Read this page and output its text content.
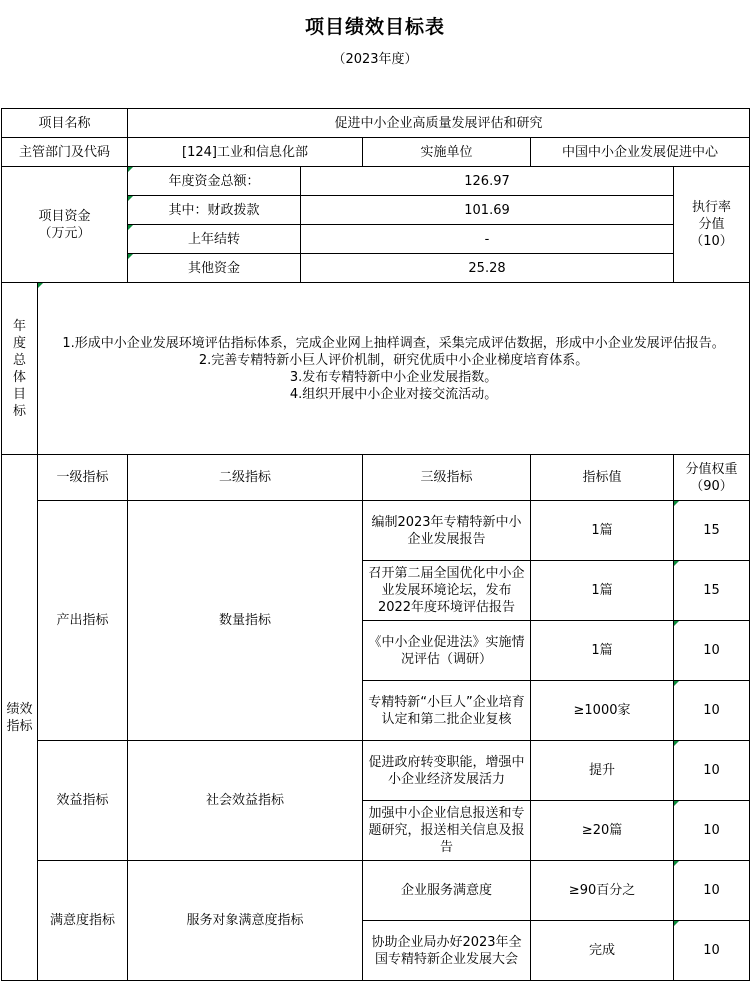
项目绩效目标表
（2023年度）
项目名称		促进中小企业高质量发展评估和研究				
主管部门及代码		[124]工业和信息化部		实施单位	中国中小企业发展促进中心	
项目资金（万元）		年度资金总额：	126.97			执行率分值（10）
		其中：财政拨款	101.69			
		上年结转	-			
		其他资金	25.28			
年度总体目标	1.形成中小企业发展环境评估指标体系，完成企业网上抽样调查，采集完成评估数据，形成中小企业发展评估报告。
2.完善专精特新小巨人评价机制，研究优质中小企业梯度培育体系。
3.发布专精特新中小企业发展指数。
4.组织开展中小企业对接交流活动。					

绩效指标	一级指标	二级指标		三级指标	指标值	分值权重（90）
	产出指标	数量指标		编制2023年专精特新中小企业发展报告	1篇	15
				召开第二届全国优化中小企业发展环境论坛，发布2022年度环境评估报告	1篇	15
				《中小企业促进法》实施情况评估（调研）	1篇	10
				专精特新“小巨人”企业培育认定和第二批企业复核	≥1000家	10
	效益指标	社会效益指标		促进政府转变职能，增强中小企业经济发展活力	提升	10
				加强中小企业信息报送和专题研究，报送相关信息及报告	≥20篇	10
	满意度指标	服务对象满意度指标		企业服务满意度	≥90百分之	10
				协助企业局办好2023年全国专精特新企业发展大会	完成	10
